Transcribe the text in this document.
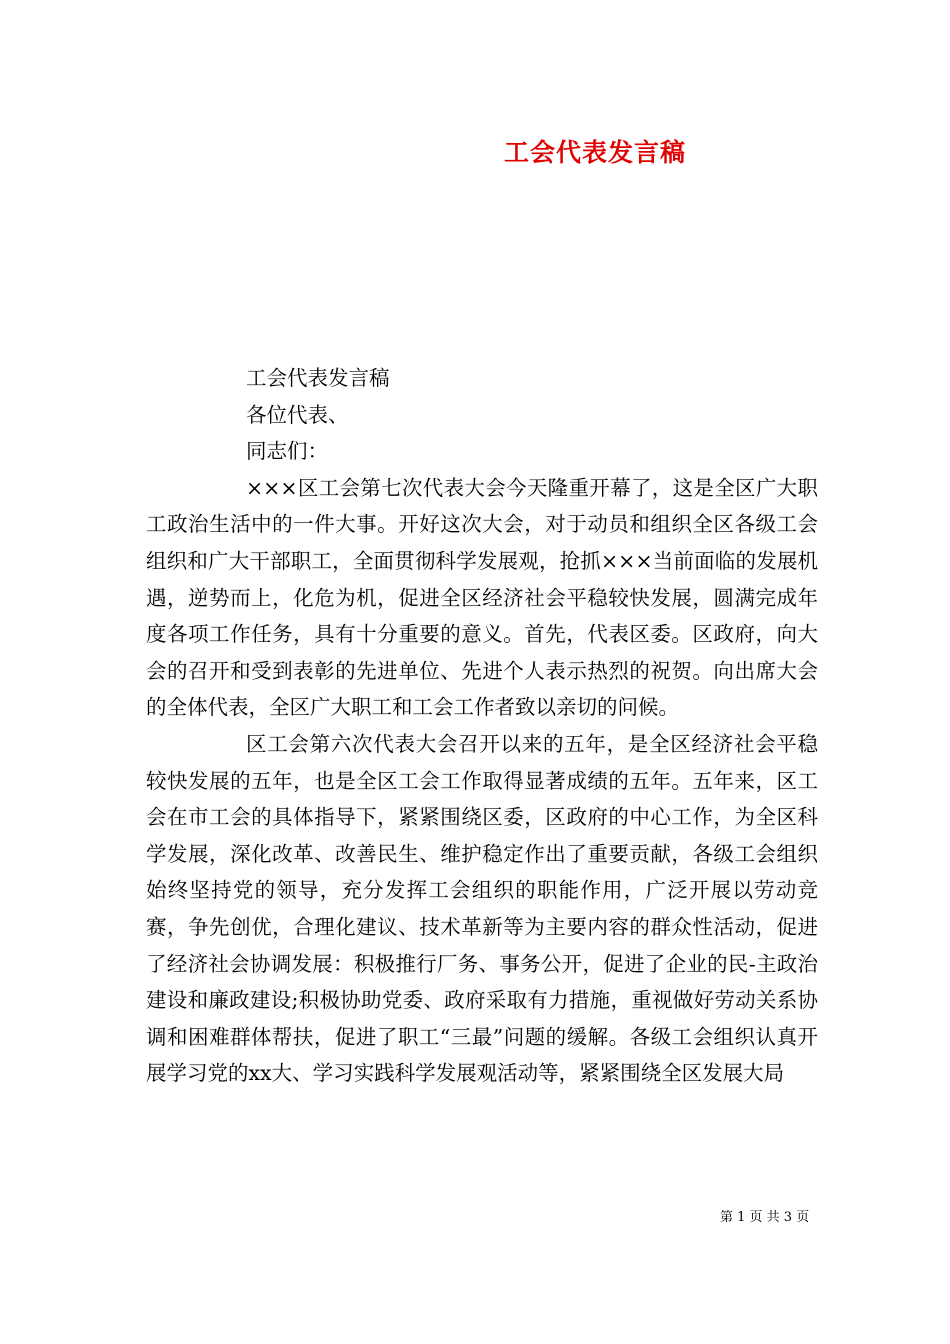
工会代表发言稿
工会代表发言稿
各位代表、
同志们：

×××区工会第七次代表大会今天隆重开幕了，这是全区广大职工政治生活中的一件大事。开好这次大会，对于动员和组织全区各级工会组织和广大干部职工，全面贯彻科学发展观，抢抓×××当前面临的发展机遇，逆势而上，化危为机，促进全区经济社会平稳较快发展，圆满完成年度各项工作任务，具有十分重要的意义。首先，代表区委。区政府，向大会的召开和受到表彰的先进单位、先进个人表示热烈的祝贺。向出席大会的全体代表，全区广大职工和工会工作者致以亲切的问候。

区工会第六次代表大会召开以来的五年，是全区经济社会平稳较快发展的五年，也是全区工会工作取得显著成绩的五年。五年来，区工会在市工会的具体指导下，紧紧围绕区委，区政府的中心工作，为全区科学发展，深化改革、改善民生、维护稳定作出了重要贡献，各级工会组织始终坚持党的领导，充分发挥工会组织的职能作用，广泛开展以劳动竞赛，争先创优，合理化建议、技术革新等为主要内容的群众性活动，促进了经济社会协调发展：积极推行厂务、事务公开，促进了企业的民-主政治建设和廉政建设;积极协助党委、政府采取有力措施，重视做好劳动关系协调和困难群体帮扶，促进了职工“三最”问题的缓解。各级工会组织认真开展学习党的xx大、学习实践科学发展观活动等，紧紧围绕全区发展大局

第 1 页 共 3 页
